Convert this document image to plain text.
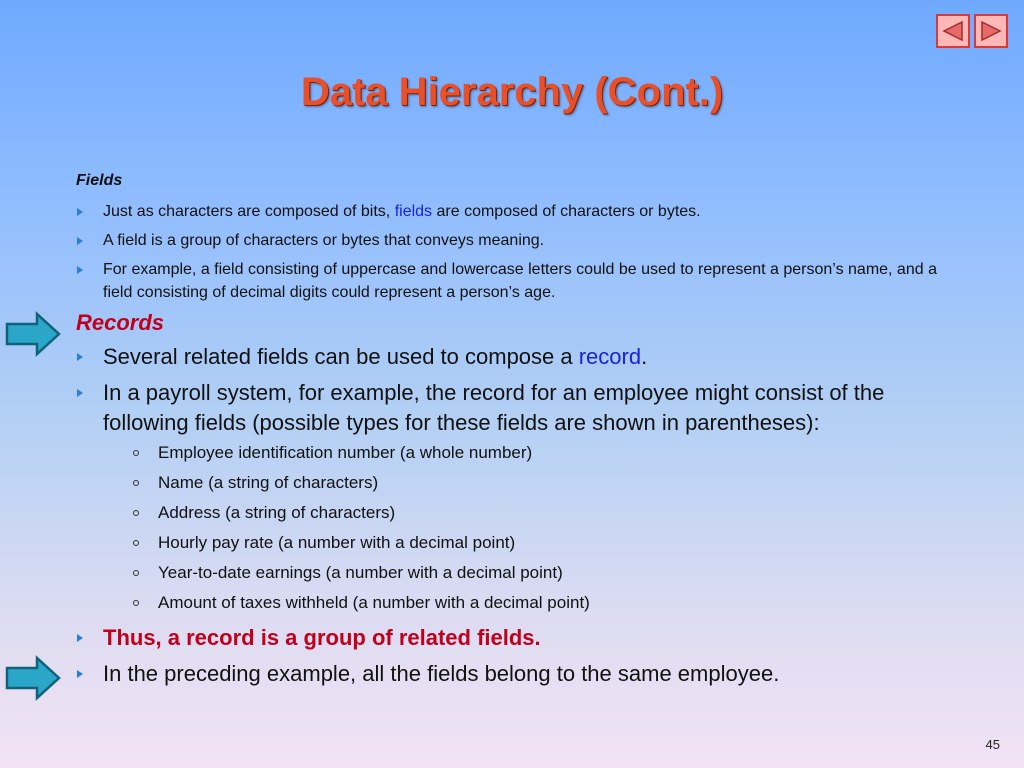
Data Hierarchy (Cont.)
Fields
Just as characters are composed of bits, fields are composed of characters or bytes.
A field is a group of characters or bytes that conveys meaning.
For example, a field consisting of uppercase and lowercase letters could be used to represent a person’s name, and a field consisting of decimal digits could represent a person’s age.
Records
Several related fields can be used to compose a record.
In a payroll system, for example, the record for an employee might consist of the following fields (possible types for these fields are shown in parentheses):
Employee identification number (a whole number)
Name (a string of characters)
Address (a string of characters)
Hourly pay rate (a number with a decimal point)
Year-to-date earnings (a number with a decimal point)
Amount of taxes withheld (a number with a decimal point)
Thus, a record is a group of related fields.
In the preceding example, all the fields belong to the same employee.
45
